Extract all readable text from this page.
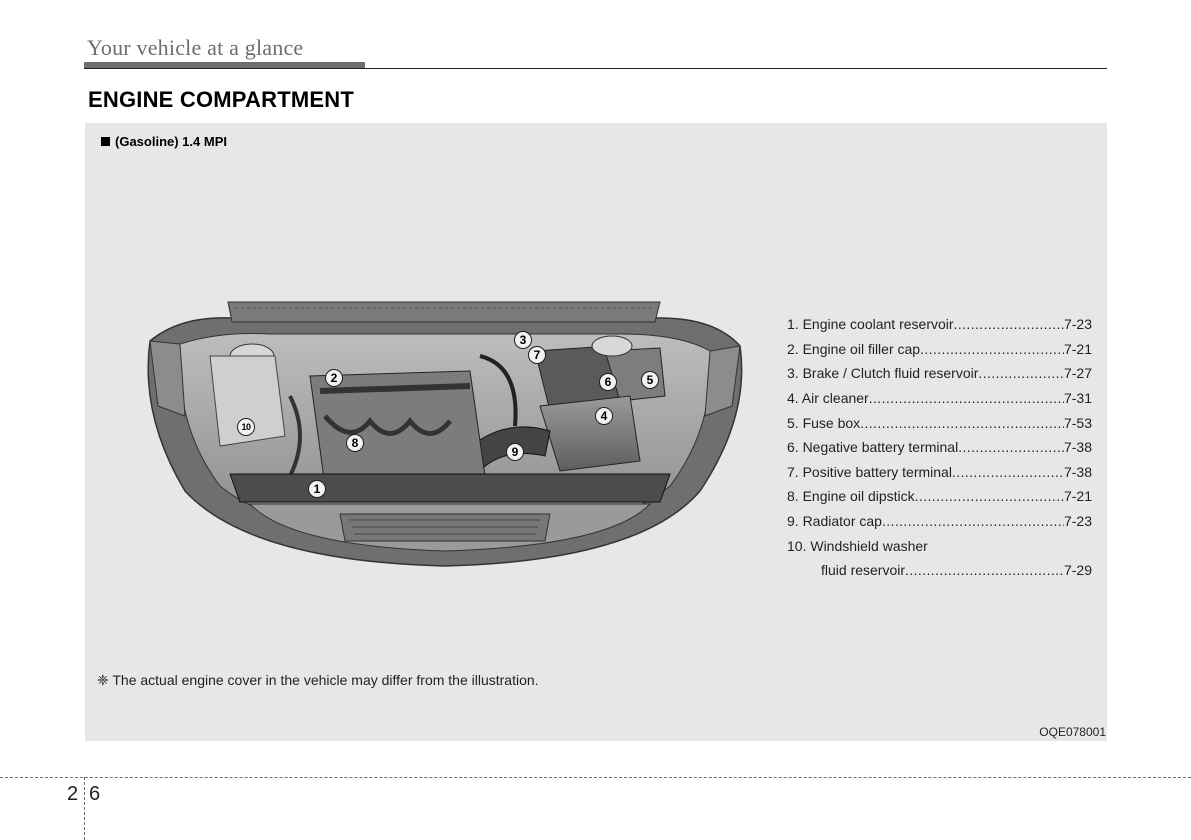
Your vehicle at a glance
ENGINE COMPARTMENT
(Gasoline) 1.4 MPI
1
2
3
4
5
6
7
8
9
10
1. Engine coolant reservoir .....	7-23
2. Engine oil filler cap .....	7-21
3. Brake / Clutch fluid reservoir .....	7-27
4. Air cleaner .....	7-31
5. Fuse box .....	7-53
6. Negative battery terminal .....	7-38
7. Positive battery terminal .....	7-38
8. Engine oil dipstick .....	7-21
9. Radiator cap .....	7-23
10. Windshield washer
fluid reservoir .....	7-29
❈ The actual engine cover in the vehicle may differ from the illustration.
OQE078001
2 6
